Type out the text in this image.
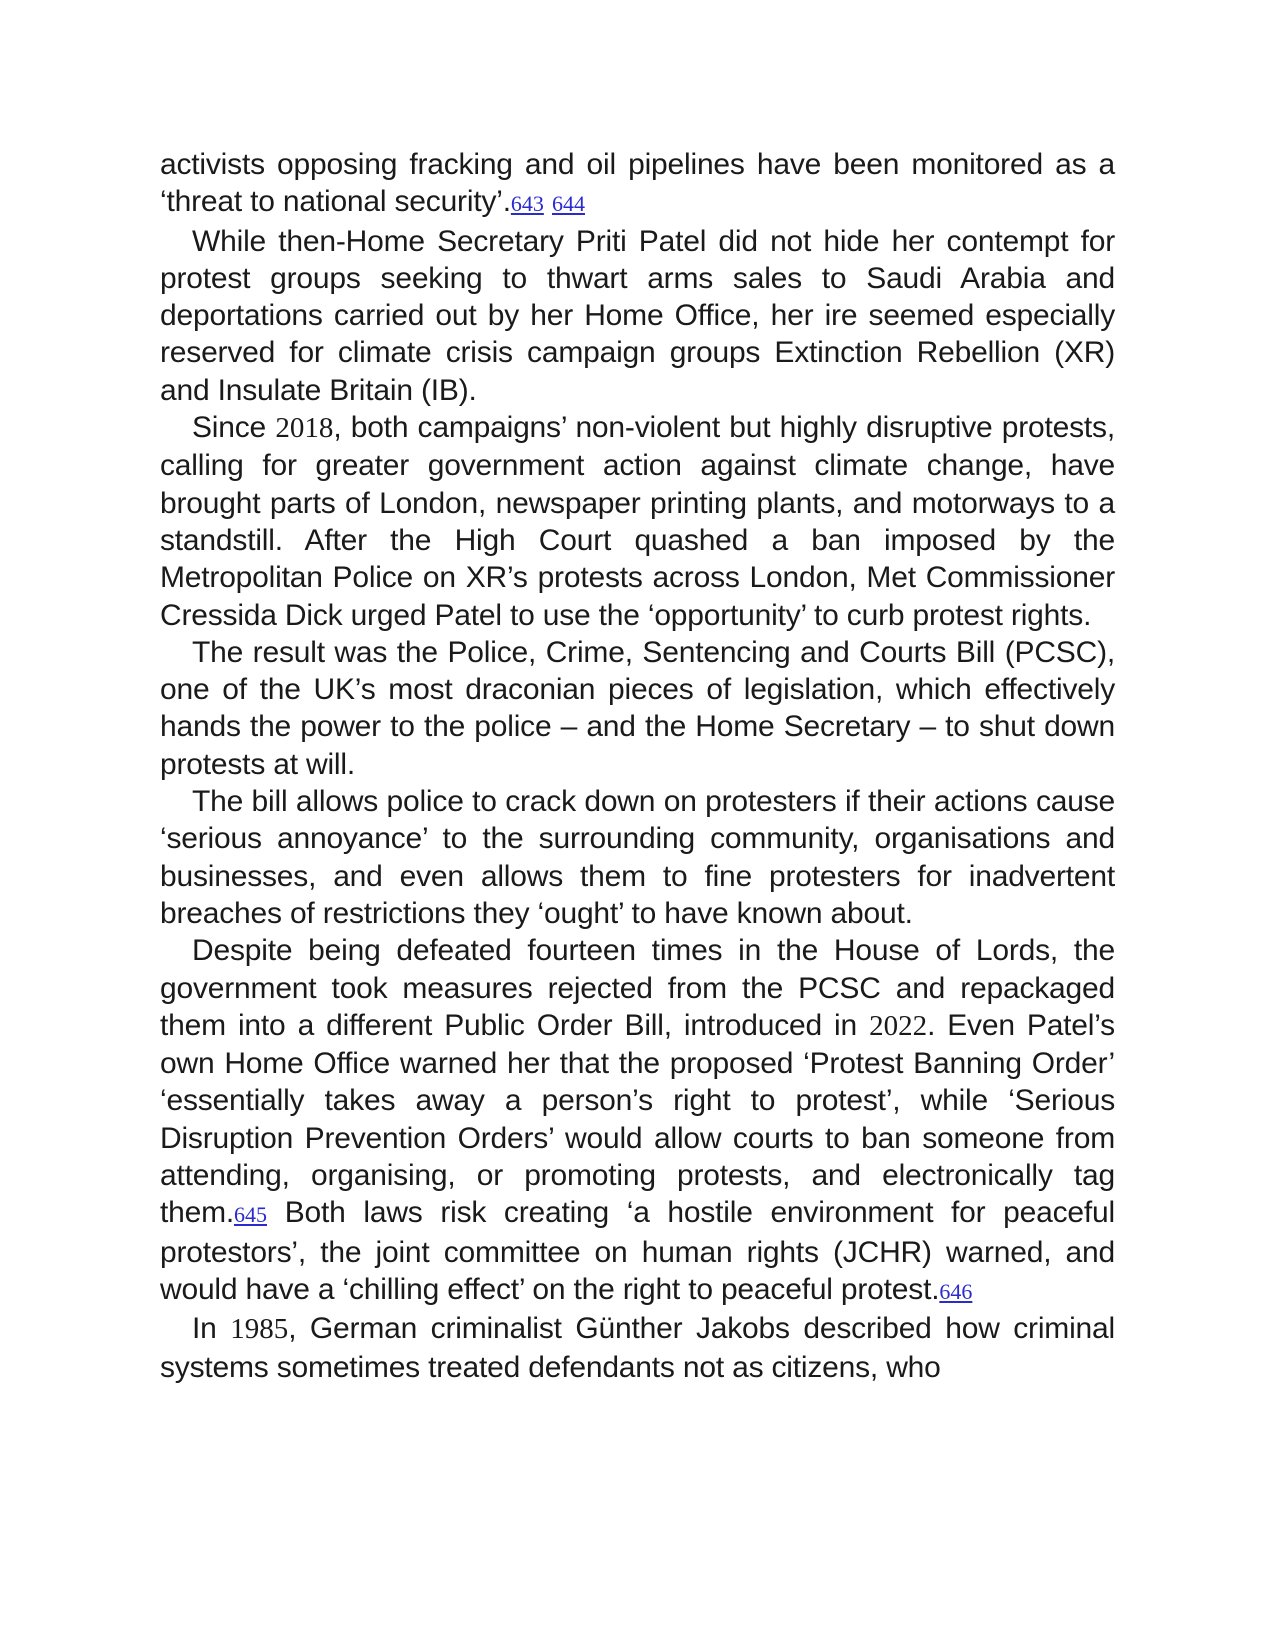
activists opposing fracking and oil pipelines have been monitored as a ‘threat to national security’.643 644

While then-Home Secretary Priti Patel did not hide her contempt for protest groups seeking to thwart arms sales to Saudi Arabia and deportations carried out by her Home Office, her ire seemed especially reserved for climate crisis campaign groups Extinction Rebellion (XR) and Insulate Britain (IB).

Since 2018, both campaigns’ non-violent but highly disruptive protests, calling for greater government action against climate change, have brought parts of London, newspaper printing plants, and motorways to a standstill. After the High Court quashed a ban imposed by the Metropolitan Police on XR’s protests across London, Met Commissioner Cressida Dick urged Patel to use the ‘opportunity’ to curb protest rights.

The result was the Police, Crime, Sentencing and Courts Bill (PCSC), one of the UK’s most draconian pieces of legislation, which effectively hands the power to the police – and the Home Secretary – to shut down protests at will.

The bill allows police to crack down on protesters if their actions cause ‘serious annoyance’ to the surrounding community, organisations and businesses, and even allows them to fine protesters for inadvertent breaches of restrictions they ‘ought’ to have known about.

Despite being defeated fourteen times in the House of Lords, the government took measures rejected from the PCSC and repackaged them into a different Public Order Bill, introduced in 2022. Even Patel’s own Home Office warned her that the proposed ‘Protest Banning Order’ ‘essentially takes away a person’s right to protest’, while ‘Serious Disruption Prevention Orders’ would allow courts to ban someone from attending, organising, or promoting protests, and electronically tag them.645 Both laws risk creating ‘a hostile environment for peaceful protestors’, the joint committee on human rights (JCHR) warned, and would have a ‘chilling effect’ on the right to peaceful protest.646

In 1985, German criminalist Günther Jakobs described how criminal systems sometimes treated defendants not as citizens, who
